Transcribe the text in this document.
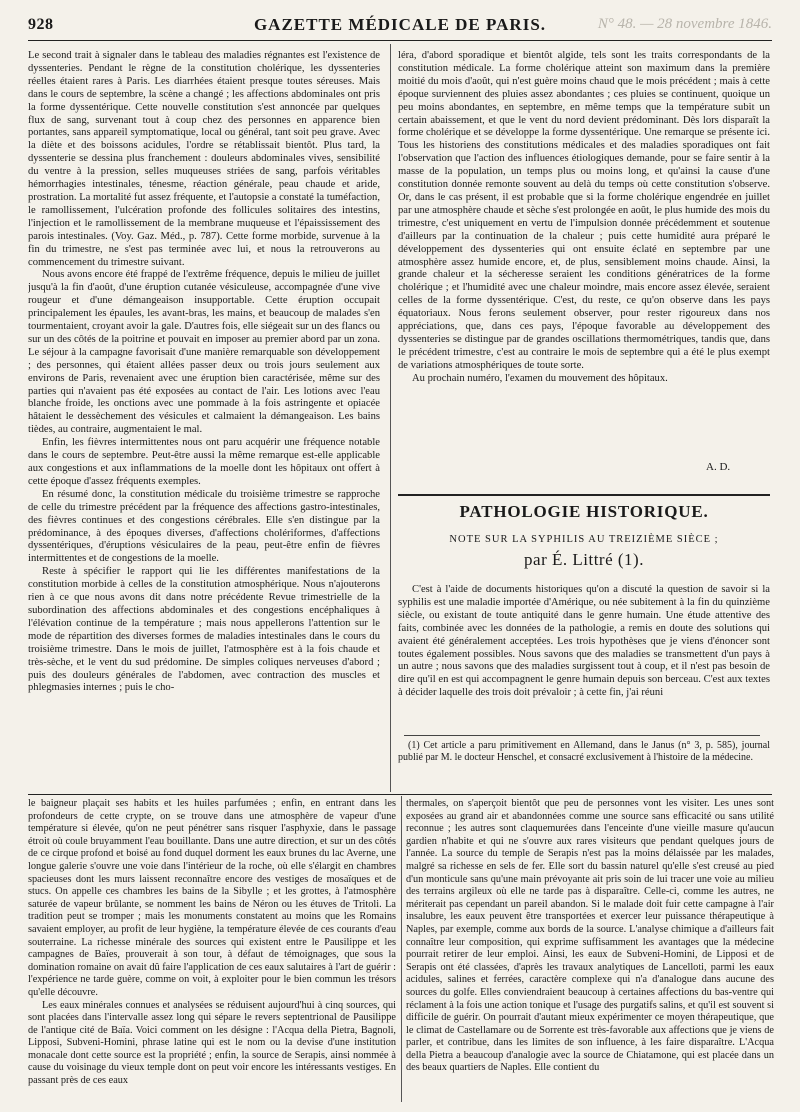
928	GAZETTE MÉDICALE DE PARIS.	N° 48. — 28 novembre 1846.

Le second trait à signaler dans le tableau des maladies régnantes est l'existence de dyssenteries. Pendant le règne de la constitution cholérique, les dyssenteries réelles étaient rares à Paris. Les diarrhées étaient presque toutes séreuses. Mais dans le cours de septembre, la scène a changé ; les affections abdominales ont pris la forme dyssentérique. Cette nouvelle constitution s'est annoncée par quelques flux de sang, survenant tout à coup chez des personnes en apparence bien portantes, sans appareil symptomatique, local ou général, tant soit peu grave. Avec la diète et des boissons acidules, l'ordre se rétablissait bientôt. Plus tard, la dyssenterie se dessina plus franchement : douleurs abdominales vives, sensibilité du ventre à la pression, selles muqueuses striées de sang, parfois véritables hémorrhagies intestinales, ténesme, réaction générale, peau chaude et aride, prostration. La mortalité fut assez fréquente, et l'autopsie a constaté la tuméfaction, le ramollissement, l'ulcération profonde des follicules solitaires des intestins, l'injection et le ramollissement de la membrane muqueuse et l'épaississement des parois intestinales. (Voy. Gaz. Méd., p. 787). Cette forme morbide, survenue à la fin du trimestre, ne s'est pas terminée avec lui, et nous la retrouverons au commencement du trimestre suivant.

Nous avons encore été frappé de l'extrême fréquence, depuis le milieu de juillet jusqu'à la fin d'août, d'une éruption cutanée vésiculeuse, accompagnée d'une vive rougeur et d'une démangeaison insupportable. Cette éruption occupait principalement les épaules, les avant-bras, les mains, et beaucoup de malades s'en tourmentaient, croyant avoir la gale. D'autres fois, elle siégeait sur un des flancs ou sur un des côtés de la poitrine et pouvait en imposer au premier abord par un zona. Le séjour à la campagne favorisait d'une manière remarquable son développement ; des personnes, qui étaient allées passer deux ou trois jours seulement aux environs de Paris, revenaient avec une éruption bien caractérisée, même sur des parties qui n'avaient pas été exposées au contact de l'air. Les lotions avec l'eau blanche froide, les onctions avec une pommade à la fois astringente et opiacée hâtaient le dessèchement des vésicules et calmaient la démangeaison. Les bains tièdes, au contraire, augmentaient le mal.

Enfin, les fièvres intermittentes nous ont paru acquérir une fréquence notable dans le cours de septembre. Peut-être aussi la même remarque est-elle applicable aux congestions et aux inflammations de la moelle dont les hôpitaux ont offert à cette époque d'assez fréquents exemples.

En résumé donc, la constitution médicale du troisième trimestre se rapproche de celle du trimestre précédent par la fréquence des affections gastro-intestinales, des fièvres continues et des congestions cérébrales. Elle s'en distingue par la prédominance, à des époques diverses, d'affections cholériformes, d'affections dyssentériques, d'éruptions vésiculaires de la peau, peut-être enfin de fièvres intermittentes et de congestions de la moelle.

Reste à spécifier le rapport qui lie les différentes manifestations de la constitution morbide à celles de la constitution atmosphérique. Nous n'ajouterons rien à ce que nous avons dit dans notre précédente Revue trimestrielle de la subordination des affections abdominales et des congestions encéphaliques à l'élévation continue de la température ; mais nous appellerons l'attention sur le mode de répartition des diverses formes de maladies intestinales dans le cours du troisième trimestre. Dans le mois de juillet, l'atmosphère est à la fois chaude et très-sèche, et le vent du sud prédomine. De simples coliques nerveuses d'abord ; puis des douleurs générales de l'abdomen, avec contraction des muscles et phlegmasies internes ; puis le cho-

léra, d'abord sporadique et bientôt algide, tels sont les traits correspondants de la constitution médicale. La forme cholérique atteint son maximum dans la première moitié du mois d'août, qui n'est guère moins chaud que le mois précédent ; mais à cette époque surviennent des pluies assez abondantes ; ces pluies se continuent, quoique un peu moins abondantes, en septembre, en même temps que la température subit un certain abaissement, et que le vent du nord devient prédominant. Dès lors disparaît la forme cholérique et se développe la forme dyssentérique. Une remarque se présente ici. Tous les historiens des constitutions médicales et des maladies sporadiques ont fait l'observation que l'action des influences étiologiques demande, pour se faire sentir à la masse de la population, un temps plus ou moins long, et qu'ainsi la cause d'une constitution donnée remonte souvent au delà du temps où cette constitution s'observe. Or, dans le cas présent, il est probable que si la forme cholérique engendrée en juillet par une atmosphère chaude et sèche s'est prolongée en août, le plus humide des mois du trimestre, c'est uniquement en vertu de l'impulsion donnée précédemment et soutenue d'ailleurs par la continuation de la chaleur ; puis cette humidité aura préparé le développement des dyssenteries qui ont ensuite éclaté en septembre par une atmosphère assez humide encore, et, de plus, sensiblement moins chaude. Ainsi, la grande chaleur et la sécheresse seraient les conditions génératrices de la forme cholérique ; et l'humidité avec une chaleur moindre, mais encore assez élevée, seraient celles de la forme dyssentérique. C'est, du reste, ce qu'on observe dans les pays équatoriaux. Nous ferons seulement observer, pour rester rigoureux dans nos appréciations, que, dans ces pays, l'époque favorable au développement des dyssenteries se distingue par de grandes oscillations thermométriques, tandis que, dans le précédent trimestre, c'est au contraire le mois de septembre qui a été le plus exempt de variations atmosphériques de toute sorte.

Au prochain numéro, l'examen du mouvement des hôpitaux.

A. D.
PATHOLOGIE HISTORIQUE.
NOTE SUR LA SYPHILIS AU TREIZIÈME SIÈCE ;
par É. Littré (1).

C'est à l'aide de documents historiques qu'on a discuté la question de savoir si la syphilis est une maladie importée d'Amérique, ou née subitement à la fin du quinzième siècle, ou existant de toute antiquité dans le genre humain. Une étude attentive des faits, combinée avec les données de la pathologie, a remis en doute des solutions qui avaient été généralement acceptées. Les trois hypothèses que je viens d'énoncer sont toutes également possibles. Nous savons que des maladies se transmettent d'un pays à un autre ; nous savons que des maladies surgissent tout à coup, et il n'est pas besoin de dire qu'il en est qui accompagnent le genre humain depuis son berceau. C'est aux textes à décider laquelle des trois doit prévaloir ; à cette fin, j'ai réuni

(1) Cet article a paru primitivement en Allemand, dans le Janus (n° 3, p. 585), journal publié par M. le docteur Henschel, et consacré exclusivement à l'histoire de la médecine.

le baigneur plaçait ses habits et les huiles parfumées ; enfin, en entrant dans les profondeurs de cette crypte, on se trouve dans une atmosphère de vapeur d'une température si élevée, qu'on ne peut pénétrer sans risquer l'asphyxie, dans le passage étroit où coule bruyamment l'eau bouillante. Dans une autre direction, et sur un des côtés de ce cirque profond et boisé au fond duquel dorment les eaux brunes du lac Averne, une longue galerie s'ouvre une voie dans l'intérieur de la roche, où elle s'élargit en chambres spacieuses dont les murs laissent reconnaître encore des vestiges de mosaïques et de stucs. On appelle ces chambres les bains de la Sibylle ; et les grottes, à l'atmosphère saturée de vapeur brûlante, se nomment les bains de Néron ou les étuves de Tritoli. La tradition peut se tromper ; mais les monuments constatent au moins que les Romains savaient employer, au profit de leur hygiène, la température élevée de ces courants d'eau souterraine. La richesse minérale des sources qui existent entre le Pausilippe et les campagnes de Baïes, prouverait à son tour, à défaut de témoignages, que sous la domination romaine on avait dû faire l'application de ces eaux salutaires à l'art de guérir : l'expérience ne tarde guère, comme on voit, à exploiter pour le bien commun les trésors qu'elle découvre.

Les eaux minérales connues et analysées se réduisent aujourd'hui à cinq sources, qui sont placées dans l'intervalle assez long qui sépare le revers septentrional de Pausilippe de l'antique cité de Baïa. Voici comment on les désigne : l'Acqua della Pietra, Bagnoli, Lipposi, Subveni-Homini, phrase latine qui est le nom ou la devise d'une institution monacale dont cette source est la propriété ; enfin, la source de Serapis, ainsi nommée à cause du voisinage du vieux temple dont on peut voir encore les intéressants vestiges. En passant près de ces eaux

thermales, on s'aperçoit bientôt que peu de personnes vont les visiter. Les unes sont exposées au grand air et abandonnées comme une source sans efficacité ou sans utilité reconnue ; les autres sont claquemurées dans l'enceinte d'une vieille masure qu'aucun gardien n'habite et qui ne s'ouvre aux rares visiteurs que pendant quelques jours de l'année. La source du temple de Serapis n'est pas la moins délaissée par les malades, malgré sa richesse en sels de fer. Elle sort du bassin naturel qu'elle s'est creusé au pied d'un monticule sans qu'une main prévoyante ait pris soin de lui tracer une voie au milieu des terrains argileux où elle ne tarde pas à disparaître. Celle-ci, comme les autres, ne mériterait pas cependant un pareil abandon. Si le malade doit fuir cette campagne à l'air insalubre, les eaux peuvent être transportées et exercer leur puissance thérapeutique à Naples, par exemple, comme aux bords de la source. L'analyse chimique a d'ailleurs fait connaître leur composition, qui exprime suffisamment les avantages que la médecine pourrait retirer de leur emploi. Ainsi, les eaux de Subveni-Homini, de Lipposi et de Serapis ont été classées, d'après les travaux analytiques de Lancelloti, parmi les eaux acidules, salines et ferrées, caractère complexe qui n'a d'analogue dans aucune des sources du golfe. Elles conviendraient beaucoup à certaines affections du bas-ventre qui réclament à la fois une action tonique et l'usage des purgatifs salins, et qu'il est souvent si difficile de guérir. On pourrait d'autant mieux expérimenter ce moyen thérapeutique, que le climat de Castellamare ou de Sorrente est très-favorable aux affections que je viens de parler, et contribue, dans les limites de son influence, à les faire disparaître. L'Acqua della Pietra a beaucoup d'analogie avec la source de Chiatamone, qui est placée dans un des beaux quartiers de Naples. Elle contient du
